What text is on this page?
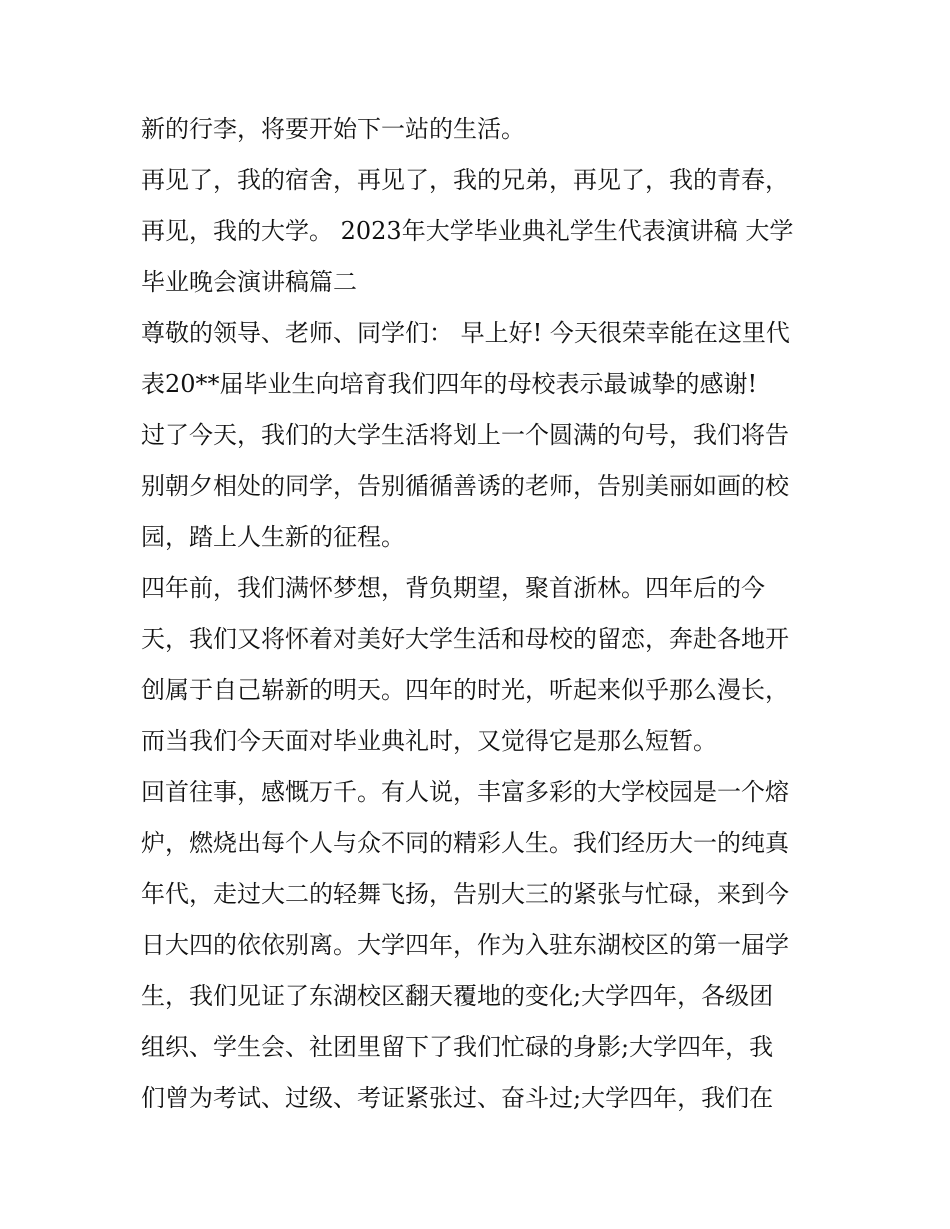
新的行李，将要开始下一站的生活。
再见了，我的宿舍，再见了，我的兄弟，再见了，我的青春，
再见，我的大学。 2023年大学毕业典礼学生代表演讲稿 大学
毕业晚会演讲稿篇二
尊敬的领导、老师、同学们： 早上好! 今天很荣幸能在这里代
表20**届毕业生向培育我们四年的母校表示最诚挚的感谢!
过了今天，我们的大学生活将划上一个圆满的句号，我们将告
别朝夕相处的同学，告别循循善诱的老师，告别美丽如画的校
园，踏上人生新的征程。
四年前，我们满怀梦想，背负期望，聚首浙林。四年后的今
天，我们又将怀着对美好大学生活和母校的留恋，奔赴各地开
创属于自己崭新的明天。四年的时光，听起来似乎那么漫长，
而当我们今天面对毕业典礼时，又觉得它是那么短暂。
回首往事，感慨万千。有人说，丰富多彩的大学校园是一个熔
炉，燃烧出每个人与众不同的精彩人生。我们经历大一的纯真
年代，走过大二的轻舞飞扬，告别大三的紧张与忙碌，来到今
日大四的依依别离。大学四年，作为入驻东湖校区的第一届学
生，我们见证了东湖校区翻天覆地的变化;大学四年，各级团
组织、学生会、社团里留下了我们忙碌的身影;大学四年，我
们曾为考试、过级、考证紧张过、奋斗过;大学四年，我们在
